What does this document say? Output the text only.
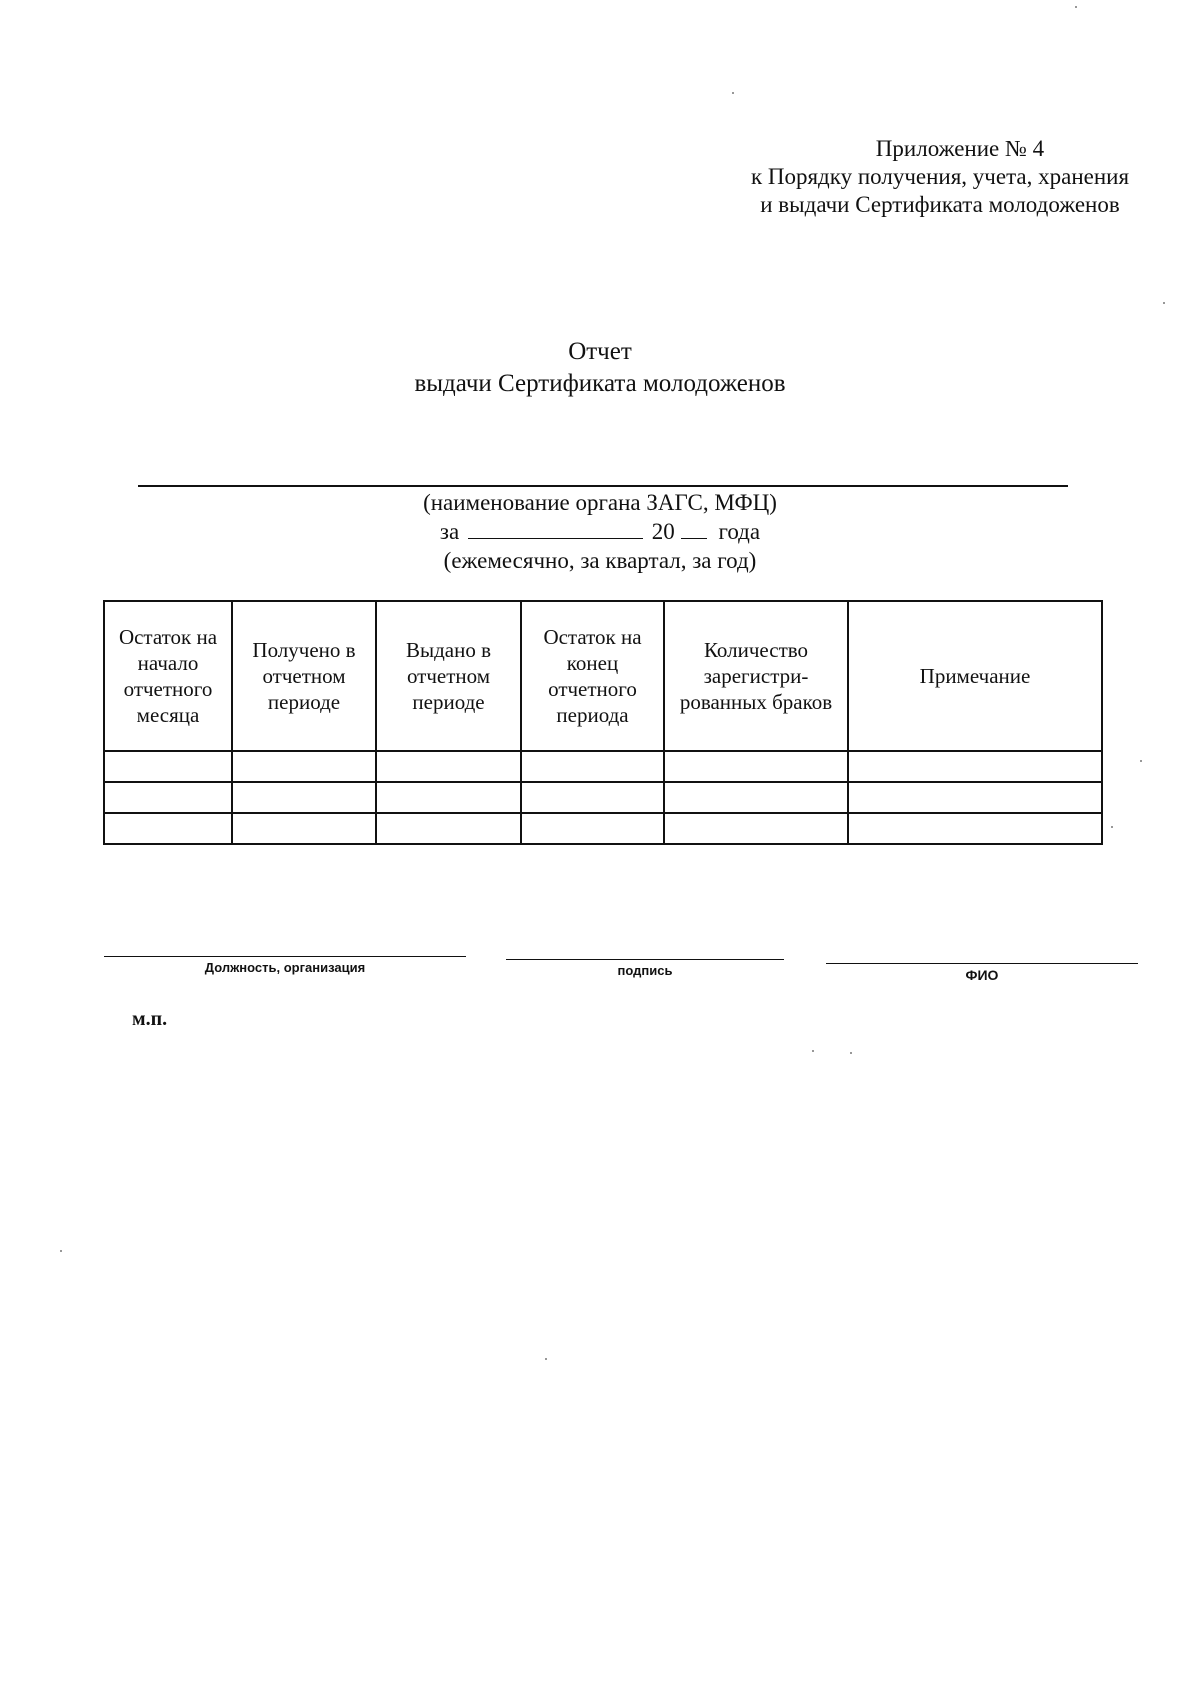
Приложение № 4
к Порядку получения, учета, хранения
и выдачи Сертификата молодоженов
Отчет
выдачи Сертификата молодоженов
(наименование органа ЗАГС, МФЦ)
за	20 года
(ежемесячно, за квартал, за год)
Остаток на начало отчетного месяца	Получено в отчетном периоде	Выдано в отчетном периоде	Остаток на конец отчетного периода	Количество зарегистри-рованных браков	Примечание

Должность, организация	подпись	ФИО
м.п.
